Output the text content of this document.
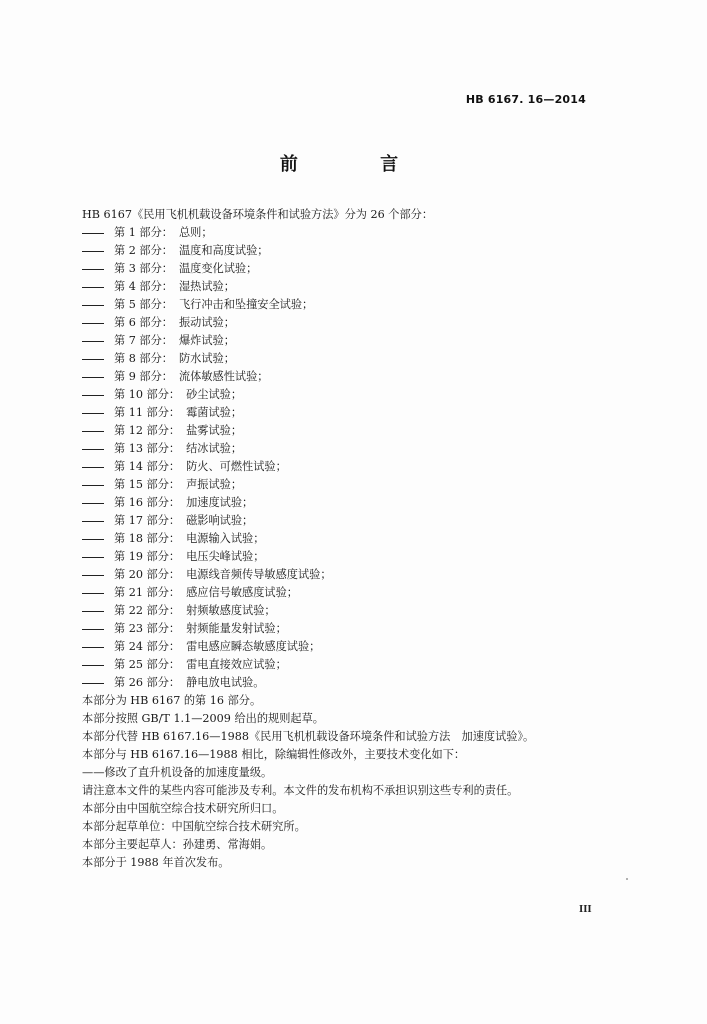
HB 6167. 16—2014
前 言
HB 6167《民用飞机机载设备环境条件和试验方法》分为 26 个部分：
第 1 部分： 总则；
第 2 部分： 温度和高度试验；
第 3 部分： 温度变化试验；
第 4 部分： 湿热试验；
第 5 部分： 飞行冲击和坠撞安全试验；
第 6 部分： 振动试验；
第 7 部分： 爆炸试验；
第 8 部分： 防水试验；
第 9 部分： 流体敏感性试验；
第 10 部分： 砂尘试验；
第 11 部分： 霉菌试验；
第 12 部分： 盐雾试验；
第 13 部分： 结冰试验；
第 14 部分： 防火、可燃性试验；
第 15 部分： 声振试验；
第 16 部分： 加速度试验；
第 17 部分： 磁影响试验；
第 18 部分： 电源输入试验；
第 19 部分： 电压尖峰试验；
第 20 部分： 电源线音频传导敏感度试验；
第 21 部分： 感应信号敏感度试验；
第 22 部分： 射频敏感度试验；
第 23 部分： 射频能量发射试验；
第 24 部分： 雷电感应瞬态敏感度试验；
第 25 部分： 雷电直接效应试验；
第 26 部分： 静电放电试验。
本部分为 HB 6167 的第 16 部分。
本部分按照 GB/T 1.1—2009 给出的规则起草。
本部分代替 HB 6167.16—1988《民用飞机机载设备环境条件和试验方法　加速度试验》。
本部分与 HB 6167.16—1988 相比，除编辑性修改外，主要技术变化如下：
——修改了直升机设备的加速度量级。
请注意本文件的某些内容可能涉及专利。本文件的发布机构不承担识别这些专利的责任。
本部分由中国航空综合技术研究所归口。
本部分起草单位：中国航空综合技术研究所。
本部分主要起草人：孙建勇、常海娟。
本部分于 1988 年首次发布。
III
